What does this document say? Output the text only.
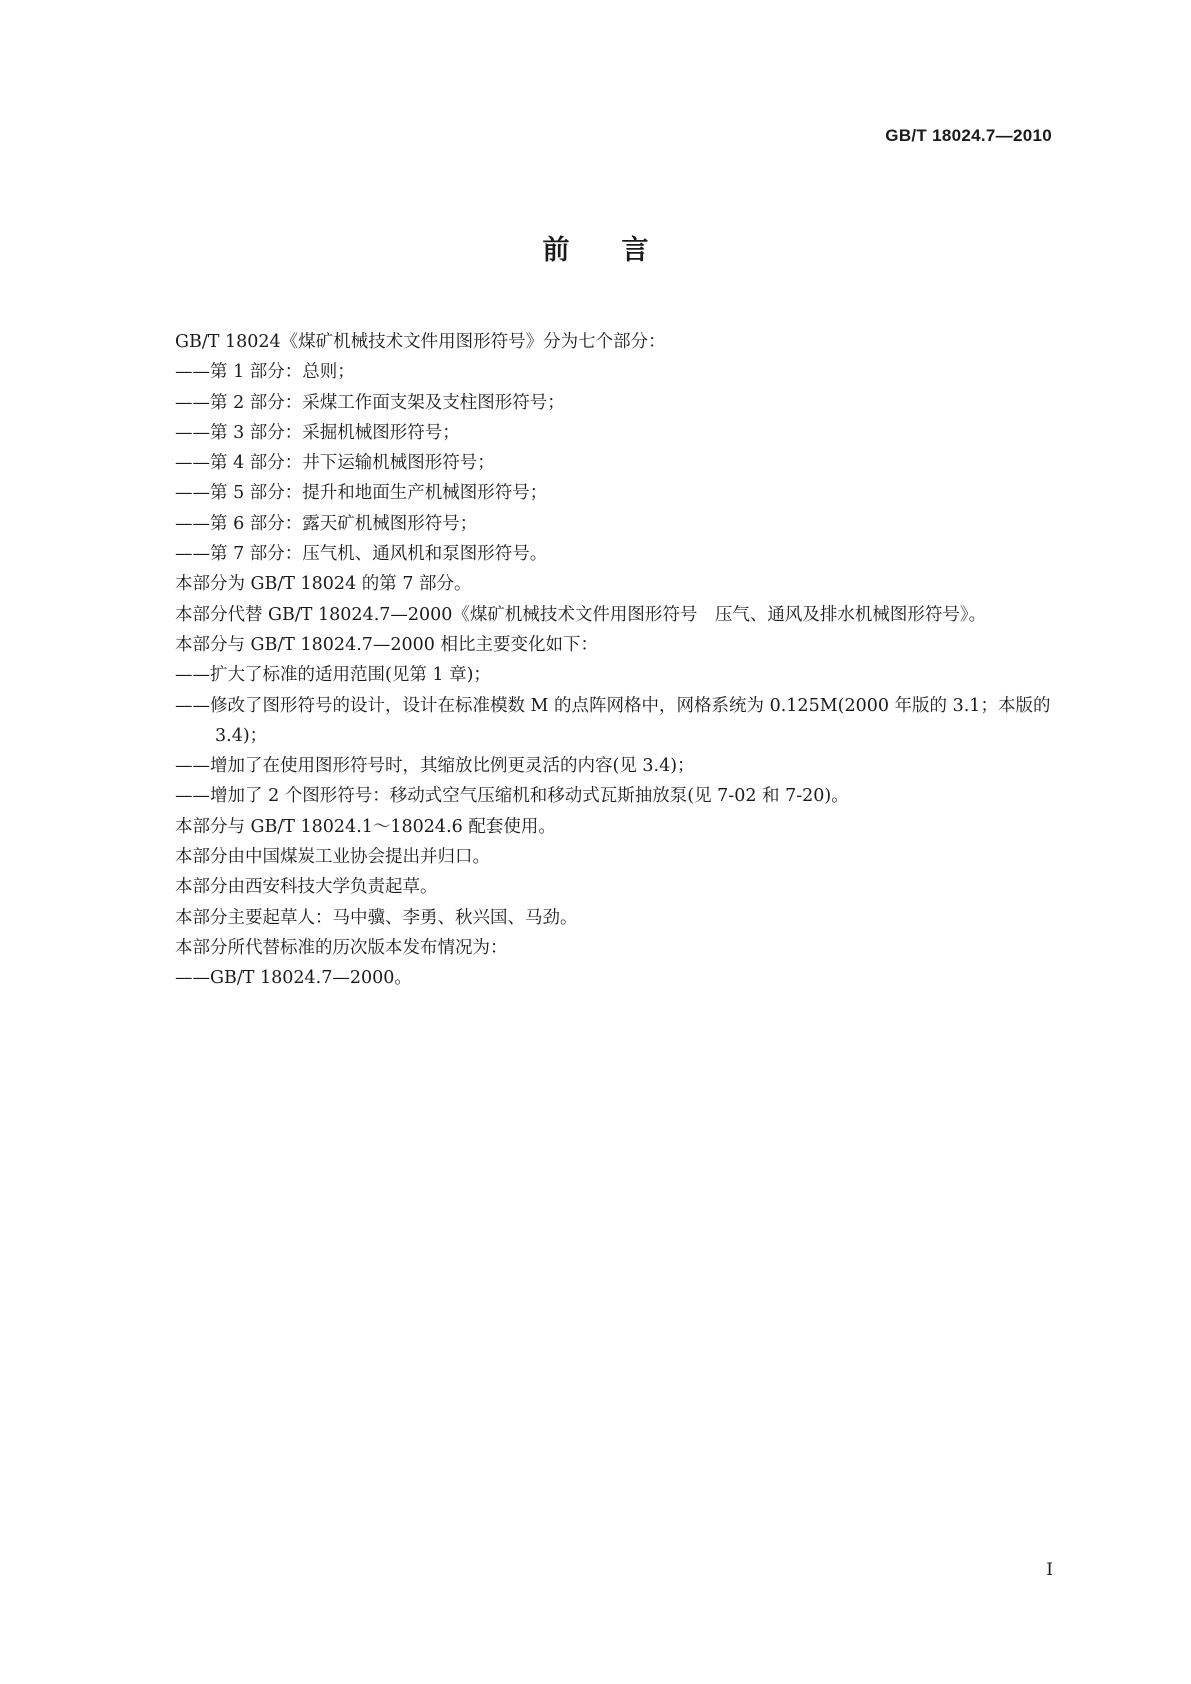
GB/T 18024.7—2010
前言

GB/T 18024《煤矿机械技术文件用图形符号》分为七个部分：

——第 1 部分：总则；

——第 2 部分：采煤工作面支架及支柱图形符号；

——第 3 部分：采掘机械图形符号；

——第 4 部分：井下运输机械图形符号；

——第 5 部分：提升和地面生产机械图形符号；

——第 6 部分：露天矿机械图形符号；

——第 7 部分：压气机、通风机和泵图形符号。

本部分为 GB/T 18024 的第 7 部分。

本部分代替 GB/T 18024.7—2000《煤矿机械技术文件用图形符号　压气、通风及排水机械图形符号》。

本部分与 GB/T 18024.7—2000 相比主要变化如下：

——扩大了标准的适用范围(见第 1 章)；

——修改了图形符号的设计，设计在标准模数 M 的点阵网格中，网格系统为 0.125M(2000 年版的 3.1；本版的 3.4)；

——增加了在使用图形符号时，其缩放比例更灵活的内容(见 3.4)；

——增加了 2 个图形符号：移动式空气压缩机和移动式瓦斯抽放泵(见 7-02 和 7-20)。

本部分与 GB/T 18024.1～18024.6 配套使用。

本部分由中国煤炭工业协会提出并归口。

本部分由西安科技大学负责起草。

本部分主要起草人：马中骥、李勇、秋兴国、马劲。

本部分所代替标准的历次版本发布情况为：

——GB/T 18024.7—2000。

I
